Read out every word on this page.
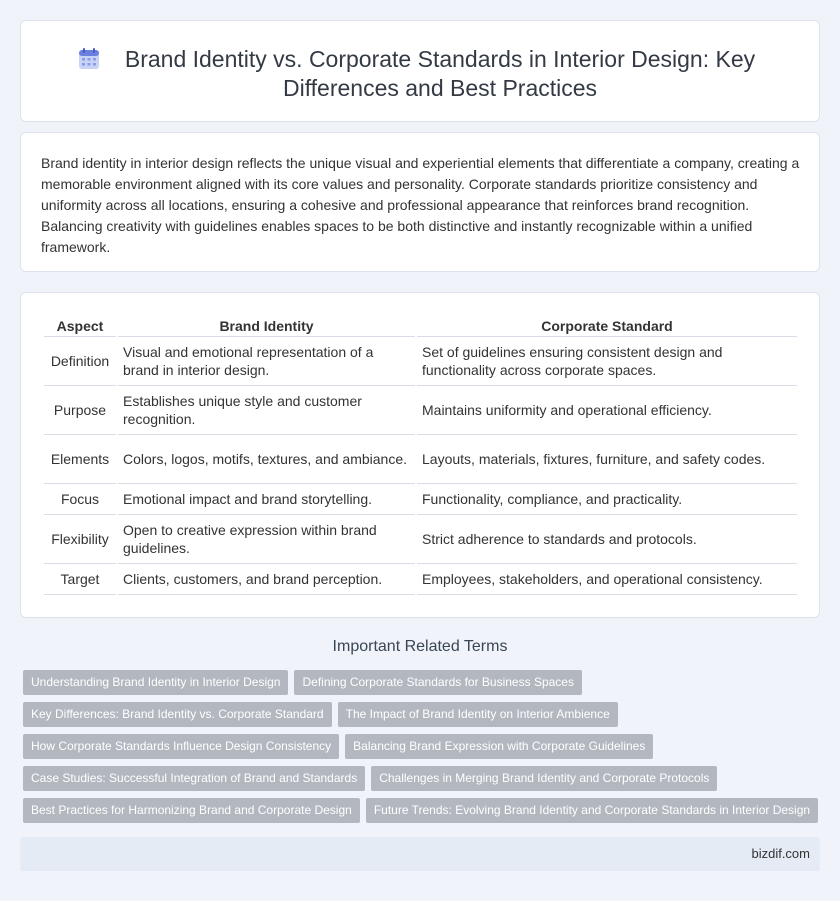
Brand Identity vs. Corporate Standards in Interior Design: Key Differences and Best Practices

Brand identity in interior design reflects the unique visual and experiential elements that differentiate a company, creating a memorable environment aligned with its core values and personality. Corporate standards prioritize consistency and uniformity across all locations, ensuring a cohesive and professional appearance that reinforces brand recognition. Balancing creativity with guidelines enables spaces to be both distinctive and instantly recognizable within a unified framework.

Aspect	Brand Identity	Corporate Standard
Definition	Visual and emotional representation of a brand in interior design.	Set of guidelines ensuring consistent design and functionality across corporate spaces.
Purpose	Establishes unique style and customer recognition.	Maintains uniformity and operational efficiency.
Elements	Colors, logos, motifs, textures, and ambiance.	Layouts, materials, fixtures, furniture, and safety codes.
Focus	Emotional impact and brand storytelling.	Functionality, compliance, and practicality.
Flexibility	Open to creative expression within brand guidelines.	Strict adherence to standards and protocols.
Target	Clients, customers, and brand perception.	Employees, stakeholders, and operational consistency.
Important Related Terms
Understanding Brand Identity in Interior Design	Defining Corporate Standards for Business Spaces
Key Differences: Brand Identity vs. Corporate Standard	The Impact of Brand Identity on Interior Ambience
How Corporate Standards Influence Design Consistency	Balancing Brand Expression with Corporate Guidelines
Case Studies: Successful Integration of Brand and Standards	Challenges in Merging Brand Identity and Corporate Protocols
Best Practices for Harmonizing Brand and Corporate Design	Future Trends: Evolving Brand Identity and Corporate Standards in Interior Design
bizdif.com
